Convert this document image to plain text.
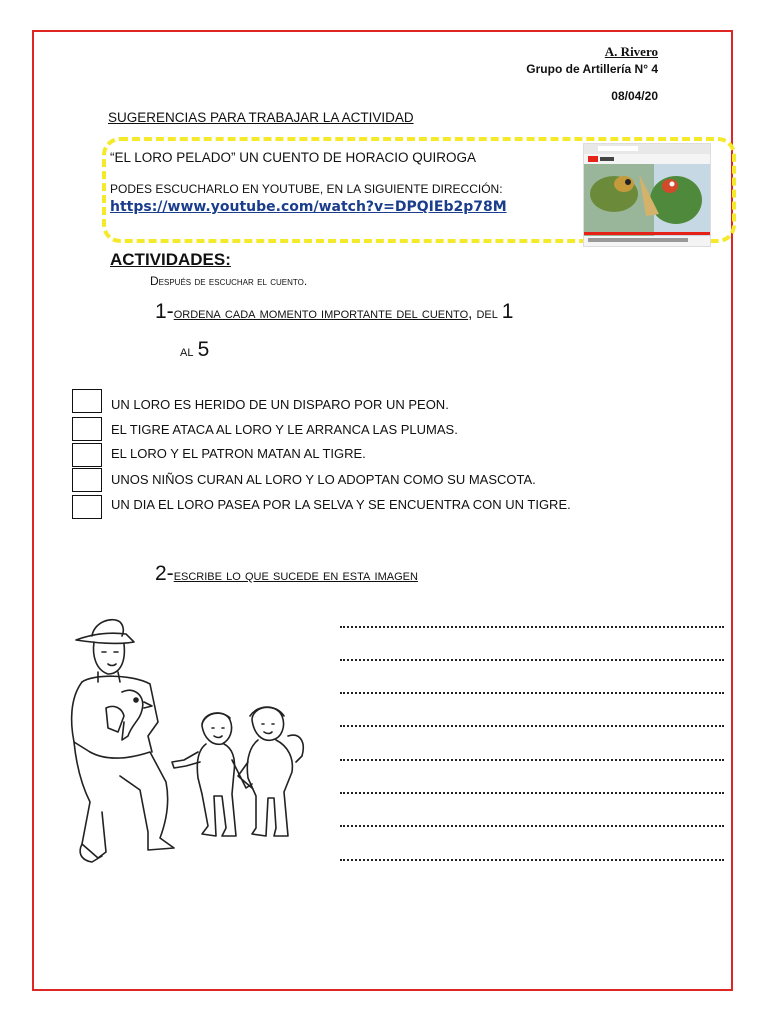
A. Rivero
Grupo de Artillería N° 4
08/04/20
SUGERENCIAS PARA TRABAJAR LA ACTIVIDAD
“EL LORO PELADO” UN CUENTO DE HORACIO QUIROGA
PODES ESCUCHARLO EN YOUTUBE, EN LA SIGUIENTE DIRECCIÓN:
https://www.youtube.com/watch?v=DPQIEb2p78M
ACTIVIDADES:
Después de escuchar el cuento.
1-ordena cada momento importante del cuento, del 1
al 5
UN LORO ES HERIDO DE UN DISPARO POR UN PEON.
EL TIGRE ATACA AL LORO Y LE ARRANCA LAS PLUMAS.
EL LORO Y EL PATRON MATAN AL TIGRE.
UNOS NIÑOS CURAN AL LORO Y LO ADOPTAN COMO SU MASCOTA.
UN DIA EL LORO PASEA POR LA SELVA Y SE ENCUENTRA CON UN TIGRE.
2-escribe lo que sucede en esta imagen
